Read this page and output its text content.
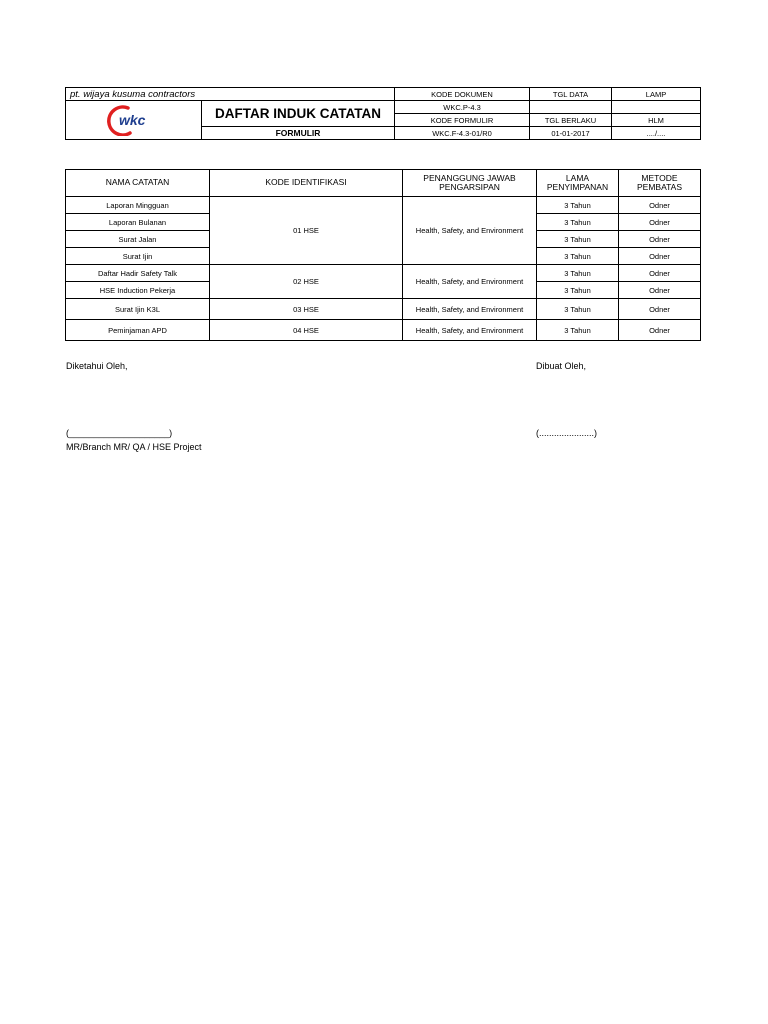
pt. wijaya kusuma contractors		KODE DOKUMEN	TGL DATA	LAMP

wkc	DAFTAR INDUK CATATAN	WKC.P-4.3		
		KODE FORMULIR	TGL BERLAKU	HLM
	FORMULIR	WKC.F-4.3-01/R0	01-01-2017	..../....
NAMA CATATAN	KODE IDENTIFIKASI	PENANGGUNG JAWAB PENGARSIPAN	LAMA PENYIMPANAN	METODE PEMBATAS
Laporan Mingguan	01 HSE	Health, Safety, and Environment	3 Tahun	Odner
Laporan Bulanan			3 Tahun	Odner
Surat Jalan			3 Tahun	Odner
Surat Ijin			3 Tahun	Odner
Daftar Hadir Safety Talk	02 HSE	Health, Safety, and Environment	3 Tahun	Odner
HSE Induction Pekerja			3 Tahun	Odner
Surat Ijin K3L	03 HSE	Health, Safety, and Environment	3 Tahun	Odner
Peminjaman APD	04 HSE	Health, Safety, and Environment	3 Tahun	Odner
Diketahui Oleh,	Dibuat Oleh,
(____________________)	(......................)
MR/Branch MR/ QA / HSE Project
